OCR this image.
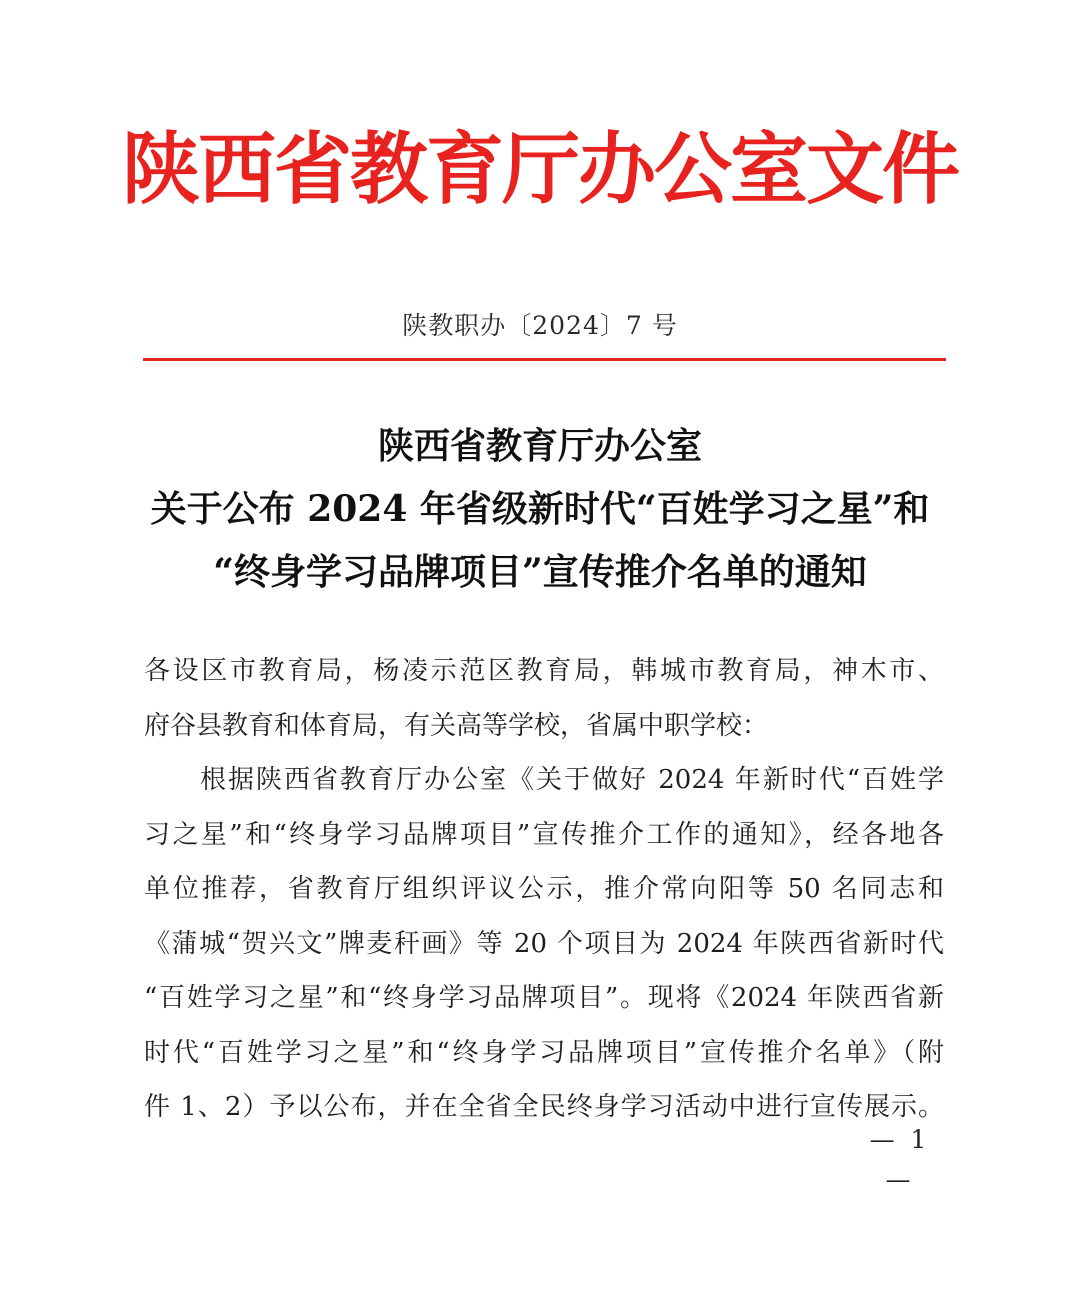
陕西省教育厅办公室文件
陕教职办〔2024〕7 号
陕西省教育厅办公室
关于公布 2024 年省级新时代“百姓学习之星”和
“终身学习品牌项目”宣传推介名单的通知
各设区市教育局，杨凌示范区教育局，韩城市教育局，神木市、
府谷县教育和体育局，有关高等学校，省属中职学校：
根据陕西省教育厅办公室《关于做好 2024 年新时代“百姓学
习之星”和“终身学习品牌项目”宣传推介工作的通知》，经各地各
单位推荐，省教育厅组织评议公示，推介常向阳等 50 名同志和
《蒲城“贺兴文”牌麦秆画》等 20 个项目为 2024 年陕西省新时代
“百姓学习之星”和“终身学习品牌项目”。现将《2024 年陕西省新
时代“百姓学习之星”和“终身学习品牌项目”宣传推介名单》（附
件 1、2）予以公布，并在全省全民终身学习活动中进行宣传展示。
— 1 —
